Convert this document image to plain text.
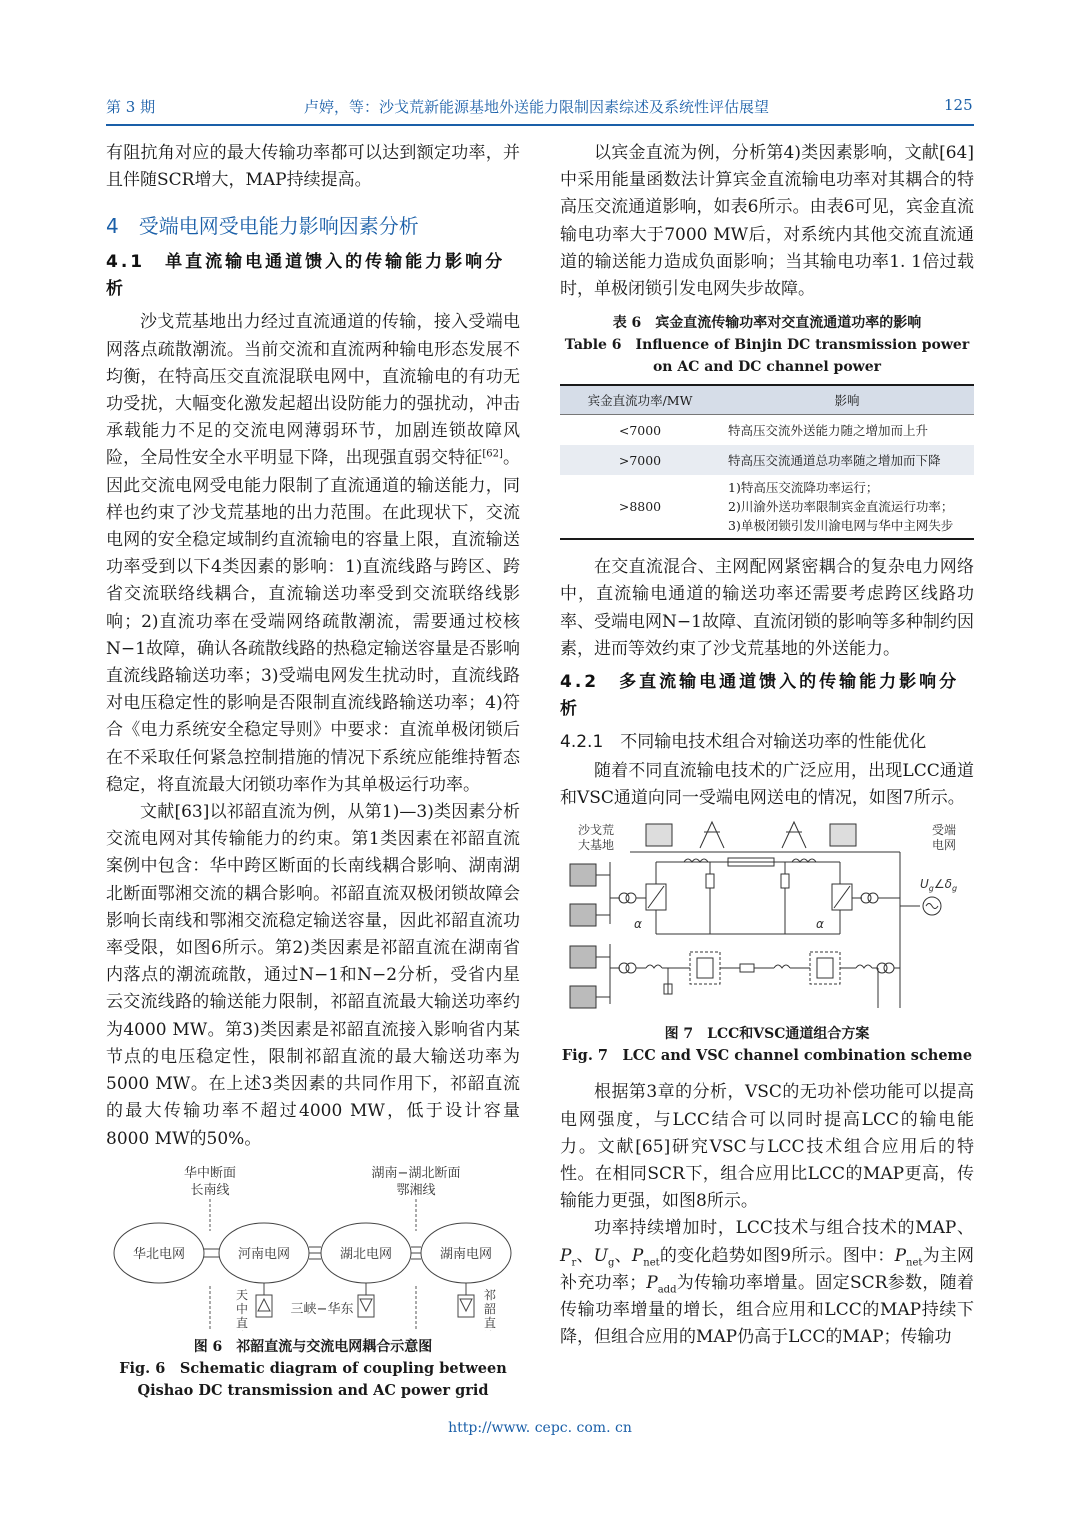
第 3 期	卢婷，等：沙戈荒新能源基地外送能力限制因素综述及系统性评估展望	125

有阻抗角对应的最大传输功率都可以达到额定功率，并且伴随SCR增大，MAP持续提高。

4　受端电网受电能力影响因素分析
4.1　单直流输电通道馈入的传输能力影响分析

沙戈荒基地出力经过直流通道的传输，接入受端电网落点疏散潮流。当前交流和直流两种输电形态发展不均衡，在特高压交直流混联电网中，直流输电的有功无功受扰，大幅变化激发起超出设防能力的强扰动，冲击承载能力不足的交流电网薄弱环节，加剧连锁故障风险，全局性安全水平明显下降，出现强直弱交特征[62]。因此交流电网受电能力限制了直流通道的输送能力，同样也约束了沙戈荒基地的出力范围。在此现状下，交流电网的安全稳定域制约直流输电的容量上限，直流输送功率受到以下4类因素的影响：1)直流线路与跨区、跨省交流联络线耦合，直流输送功率受到交流联络线影响；2)直流功率在受端网络疏散潮流，需要通过校核N−1故障，确认各疏散线路的热稳定输送容量是否影响直流线路输送功率；3)受端电网发生扰动时，直流线路对电压稳定性的影响是否限制直流线路输送功率；4)符合《电力系统安全稳定导则》中要求：直流单极闭锁后在不采取任何紧急控制措施的情况下系统应能维持暂态稳定，将直流最大闭锁功率作为其单极运行功率。

文献[63]以祁韶直流为例，从第1)—3)类因素分析交流电网对其传输能力的约束。第1类因素在祁韶直流案例中包含：华中跨区断面的长南线耦合影响、湖南湖北断面鄂湘交流的耦合影响。祁韶直流双极闭锁故障会影响长南线和鄂湘交流稳定输送容量，因此祁韶直流功率受限，如图6所示。第2)类因素是祁韶直流在湖南省内落点的潮流疏散，通过N−1和N−2分析，受省内星云交流线路的输送能力限制，祁韶直流最大输送功率约为4000 MW。第3)类因素是祁韶直流接入影响省内某节点的电压稳定性，限制祁韶直流的最大输送功率为5000 MW。在上述3类因素的共同作用下，祁韶直流的最大传输功率不超过4000 MW，低于设计容量8000 MW的50%。

华中断面
长南线
湖南−湖北断面
鄂湘线
华北电网	河南电网	湖北电网	湖南电网
天中直
三峡−华东
祁韶直
图 6　祁韶直流与交流电网耦合示意图
Fig. 6　Schematic diagram of coupling between Qishao DC transmission and AC power grid

以宾金直流为例，分析第4)类因素影响，文献[64]中采用能量函数法计算宾金直流输电功率对其耦合的特高压交流通道影响，如表6所示。由表6可见，宾金直流输电功率大于7000 MW后，对系统内其他交流直流通道的输送能力造成负面影响；当其输电功率1. 1倍过载时，单极闭锁引发电网失步故障。

表 6　宾金直流传输功率对交直流通道功率的影响
Table 6　Influence of Binjin DC transmission power on AC and DC channel power
宾金直流功率/MW	影响
<7000	特高压交流外送能力随之增加而上升
>7000	特高压交流通道总功率随之增加而下降
>8800	1)特高压交流降功率运行；
2)川渝外送功率限制宾金直流运行功率；
3)单极闭锁引发川渝电网与华中主网失步

在交直流混合、主网配网紧密耦合的复杂电力网络中，直流输电通道的输送功率还需要考虑跨区线路功率、受端电网N−1故障、直流闭锁的影响等多种制约因素，进而等效约束了沙戈荒基地的外送能力。

4.2　多直流输电通道馈入的传输能力影响分析
4.2.1　不同输电技术组合对输送功率的性能优化

随着不同直流输电技术的广泛应用，出现LCC通道和VSC通道向同一受端电网送电的情况，如图7所示。

沙戈荒
大基地
受端
电网
α	α
$U_g\angle\delta_g$
图 7　LCC和VSC通道组合方案
Fig. 7　LCC and VSC channel combination scheme

根据第3章的分析，VSC的无功补偿功能可以提高电网强度，与LCC结合可以同时提高LCC的输电能力。文献[65]研究VSC与LCC技术组合应用后的特性。在相同SCR下，组合应用比LCC的MAP更高，传输能力更强，如图8所示。

功率持续增加时，LCC技术与组合技术的MAP、$P_r$、$U_g$、$P_{net}$的变化趋势如图9所示。图中：$P_{net}$为主网补充功率；$P_{add}$为传输功率增量。固定SCR参数，随着传输功率增量的增长，组合应用和LCC的MAP持续下降，但组合应用的MAP仍高于LCC的MAP；传输功

http://www. cepc. com. cn
